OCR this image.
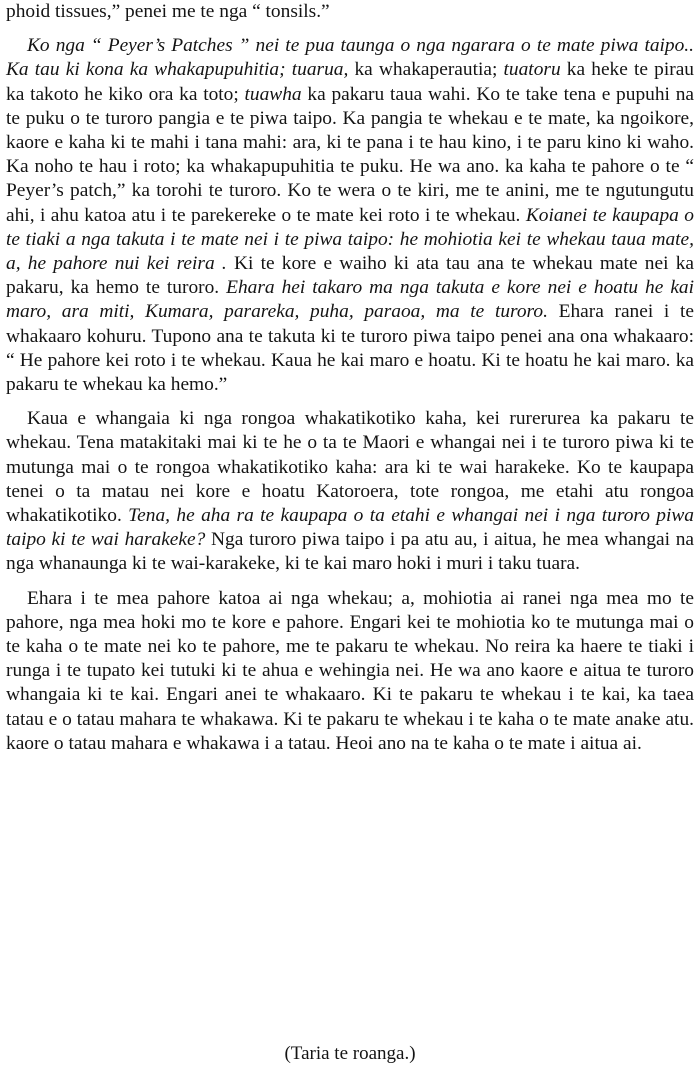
phoid tissues,” penei me te nga “ tonsils.”

Ko nga “ Peyer’s Patches ” nei te pua taunga o nga ngarara o te mate piwa taipo.. Ka tau ki kona ka whakapupuhitia; tuarua, ka whakaperautia; tuatoru ka heke te pirau ka takoto he kiko ora ka toto; tuawha ka pakaru taua wahi. Ko te take tena e pupuhi na te puku o te turoro pangia e te piwa taipo. Ka pangia te whekau e te mate, ka ngoikore, kaore e kaha ki te mahi i tana mahi: ara, ki te pana i te hau kino, i te paru kino ki waho. Ka noho te hau i roto; ka whakapupuhitia te puku. He wa ano. ka kaha te pahore o te “ Peyer’s patch,” ka torohi te turoro. Ko te wera o te kiri, me te anini, me te ngutungutu ahi, i ahu katoa atu i te parekereke o te mate kei roto i te whekau. Koianei te kaupapa o te tiaki a nga takuta i te mate nei i te piwa taipo: he mohiotia kei te whekau taua mate, a, he pahore nui kei reira . Ki te kore e waiho ki ata tau ana te whekau mate nei ka pakaru, ka hemo te turoro. Ehara hei takaro ma nga takuta e kore nei e hoatu he kai maro, ara miti, Kumara, parareka, puha, paraoa, ma te turoro. Ehara ranei i te whakaaro kohuru. Tupono ana te takuta ki te turoro piwa taipo penei ana ona whakaaro: “ He pahore kei roto i te whekau. Kaua he kai maro e hoatu. Ki te hoatu he kai maro. ka pakaru te whekau ka hemo.”

Kaua e whangaia ki nga rongoa whakatikotiko kaha, kei rurerurea ka pakaru te whekau. Tena matakitaki mai ki te he o ta te Maori e whangai nei i te turoro piwa ki te mutunga mai o te rongoa whakatikotiko kaha: ara ki te wai harakeke. Ko te kaupapa tenei o ta matau nei kore e hoatu Katoroera, tote rongoa, me etahi atu rongoa whakatikotiko. Tena, he aha ra te kaupapa o ta etahi e whangai nei i nga turoro piwa taipo ki te wai harakeke? Nga turoro piwa taipo i pa atu au, i aitua, he mea whangai na nga whanaunga ki te wai-karakeke, ki te kai maro hoki i muri i taku tuara.

Ehara i te mea pahore katoa ai nga whekau; a, mohiotia ai ranei nga mea mo te pahore, nga mea hoki mo te kore e pahore. Engari kei te mohiotia ko te mutunga mai o te kaha o te mate nei ko te pahore, me te pakaru te whekau. No reira ka haere te tiaki i runga i te tupato kei tutuki ki te ahua e wehingia nei. He wa ano kaore e aitua te turoro whangaia ki te kai. Engari anei te whakaaro. Ki te pakaru te whekau i te kai, ka taea tatau e o tatau mahara te whakawa. Ki te pakaru te whekau i te kaha o te mate anake atu. kaore o tatau mahara e whakawa i a tatau. Heoi ano na te kaha o te mate i aitua ai.

(Taria te roanga.)
